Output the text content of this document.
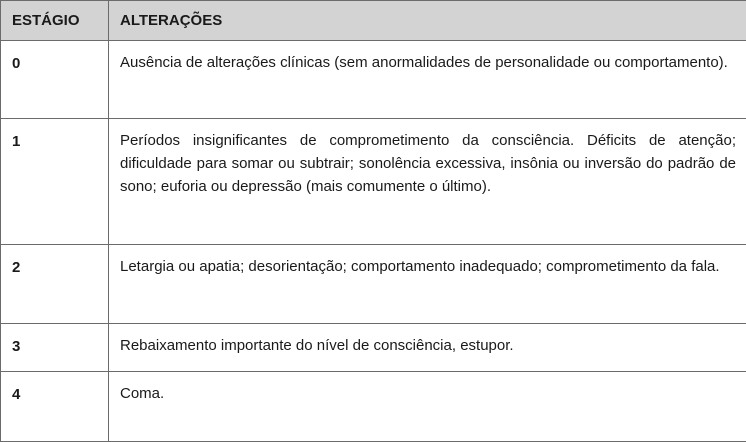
ESTÁGIO	ALTERAÇÕES
0	Ausência de alterações clínicas (sem anormalidades de personalidade ou comportamento).
1	Períodos insignificantes de comprometimento da consciência. Déficits de atenção; dificuldade para somar ou subtrair; sonolência excessiva, insônia ou inversão do padrão de sono; euforia ou depressão (mais comumente o último).
2	Letargia ou apatia; desorientação; comportamento inadequado; comprometimento da fala.
3	Rebaixamento importante do nível de consciência, estupor.
4	Coma.
